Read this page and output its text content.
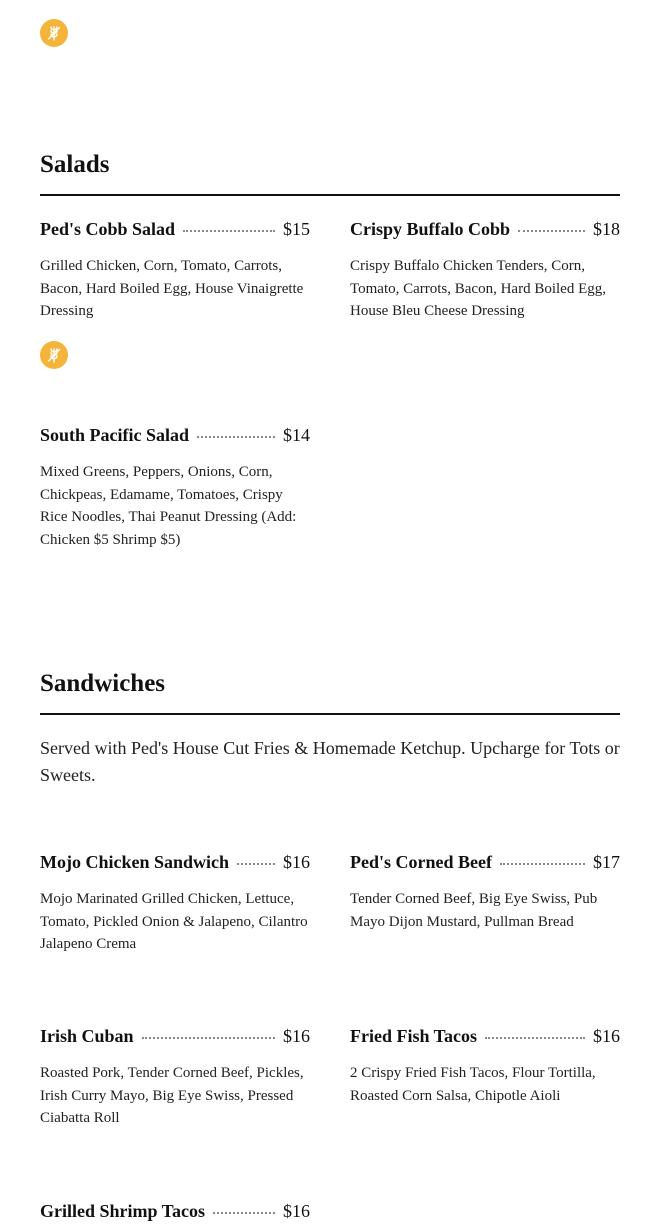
Salads
Ped's Cobb Salad	$15
Grilled Chicken, Corn, Tomato, Carrots, Bacon, Hard Boiled Egg, House Vinaigrette Dressing
Crispy Buffalo Cobb	$18
Crispy Buffalo Chicken Tenders, Corn, Tomato, Carrots, Bacon, Hard Boiled Egg, House Bleu Cheese Dressing
South Pacific Salad	$14
Mixed Greens, Peppers, Onions, Corn, Chickpeas, Edamame, Tomatoes, Crispy Rice Noodles, Thai Peanut Dressing (Add: Chicken $5 Shrimp $5)
Sandwiches
Served with Ped's House Cut Fries & Homemade Ketchup. Upcharge for Tots or Sweets.
Mojo Chicken Sandwich	$16
Mojo Marinated Grilled Chicken, Lettuce, Tomato, Pickled Onion & Jalapeno, Cilantro Jalapeno Crema
Ped's Corned Beef	$17
Tender Corned Beef, Big Eye Swiss, Pub Mayo Dijon Mustard, Pullman Bread
Irish Cuban	$16
Roasted Pork, Tender Corned Beef, Pickles, Irish Curry Mayo, Big Eye Swiss, Pressed Ciabatta Roll
Fried Fish Tacos	$16
2 Crispy Fried Fish Tacos, Flour Tortilla, Roasted Corn Salsa, Chipotle Aioli
Grilled Shrimp Tacos	$16
